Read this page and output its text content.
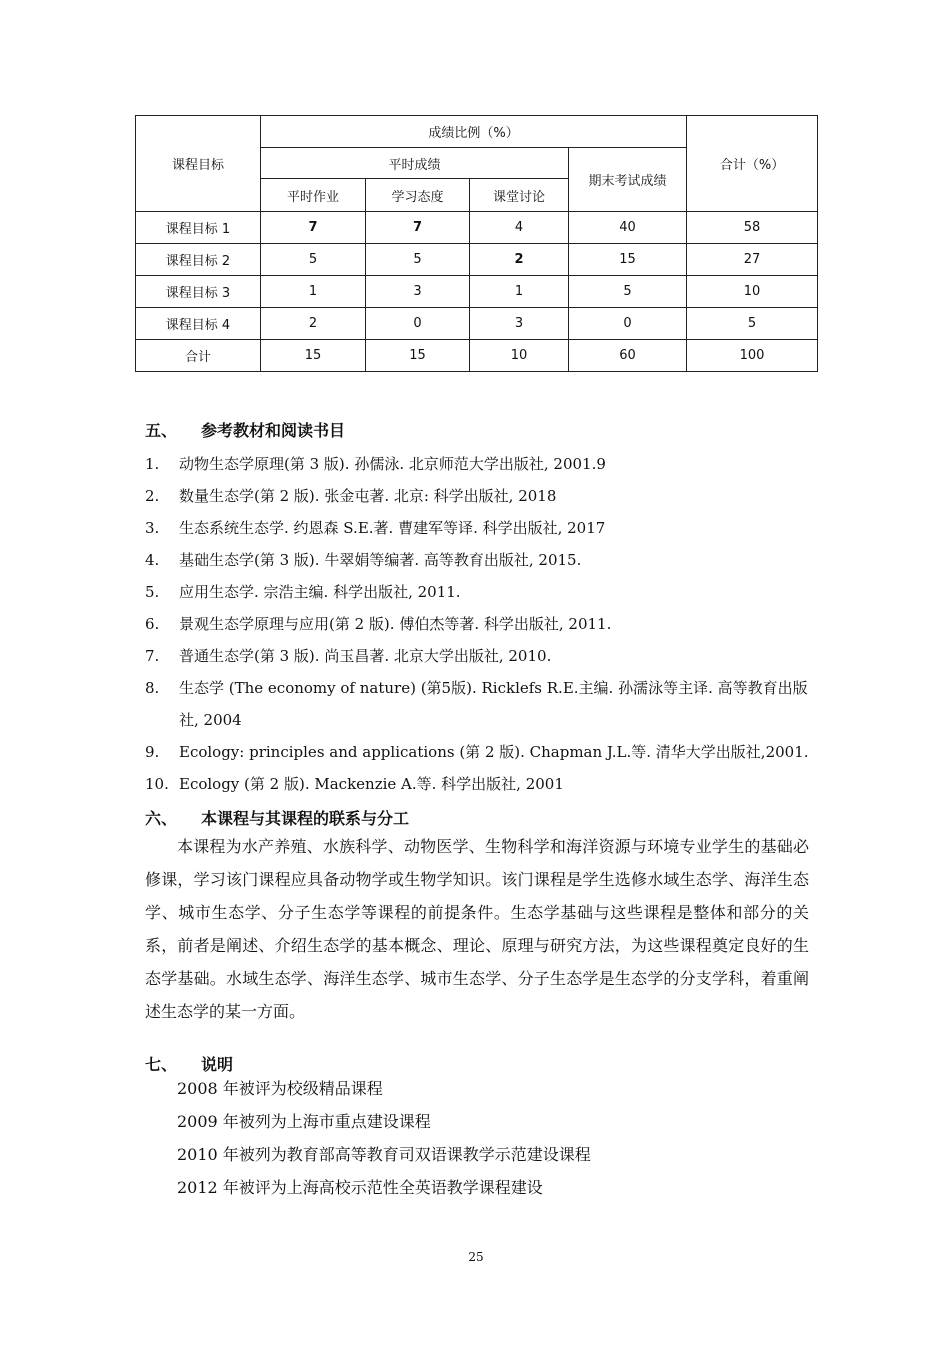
课程目标	成绩比例（%）				合计（%）
	平时成绩			期末考试成绩	
	平时作业	学习态度	课堂讨论		
课程目标 1	7	7	4	40	58
课程目标 2	5	5	2	15	27
课程目标 3	1	3	1	5	10
课程目标 4	2	0	3	0	5
合计	15	15	10	60	100
五、 参考教材和阅读书目
1.	动物生态学原理(第 3 版). 孙儒泳. 北京师范大学出版社, 2001.9
2.	数量生态学(第 2 版). 张金屯著. 北京: 科学出版社, 2018
3.	生态系统生态学. 约恩森 S.E.著. 曹建军等译. 科学出版社, 2017
4.	基础生态学(第 3 版). 牛翠娟等编著. 高等教育出版社, 2015.
5.	应用生态学. 宗浩主编. 科学出版社, 2011.
6.	景观生态学原理与应用(第 2 版). 傅伯杰等著. 科学出版社, 2011.
7.	普通生态学(第 3 版). 尚玉昌著. 北京大学出版社, 2010.
8.	生态学 (The economy of nature) (第5版). Ricklefs R.E.主编. 孙濡泳等主译. 高等教育出版社, 2004
9.	Ecology: principles and applications (第 2 版). Chapman J.L.等. 清华大学出版社,2001.
10. Ecology (第 2 版). Mackenzie A.等. 科学出版社, 2001
六、 本课程与其课程的联系与分工

本课程为水产养殖、水族科学、动物医学、生物科学和海洋资源与环境专业学生的基础必修课，学习该门课程应具备动物学或生物学知识。该门课程是学生选修水域生态学、海洋生态学、城市生态学、分子生态学等课程的前提条件。生态学基础与这些课程是整体和部分的关系，前者是阐述、介绍生态学的基本概念、理论、原理与研究方法，为这些课程奠定良好的生态学基础。水域生态学、海洋生态学、城市生态学、分子生态学是生态学的分支学科，着重阐述生态学的某一方面。

七、 说明
2008 年被评为校级精品课程
2009 年被列为上海市重点建设课程
2010 年被列为教育部高等教育司双语课教学示范建设课程
2012 年被评为上海高校示范性全英语教学课程建设
25
